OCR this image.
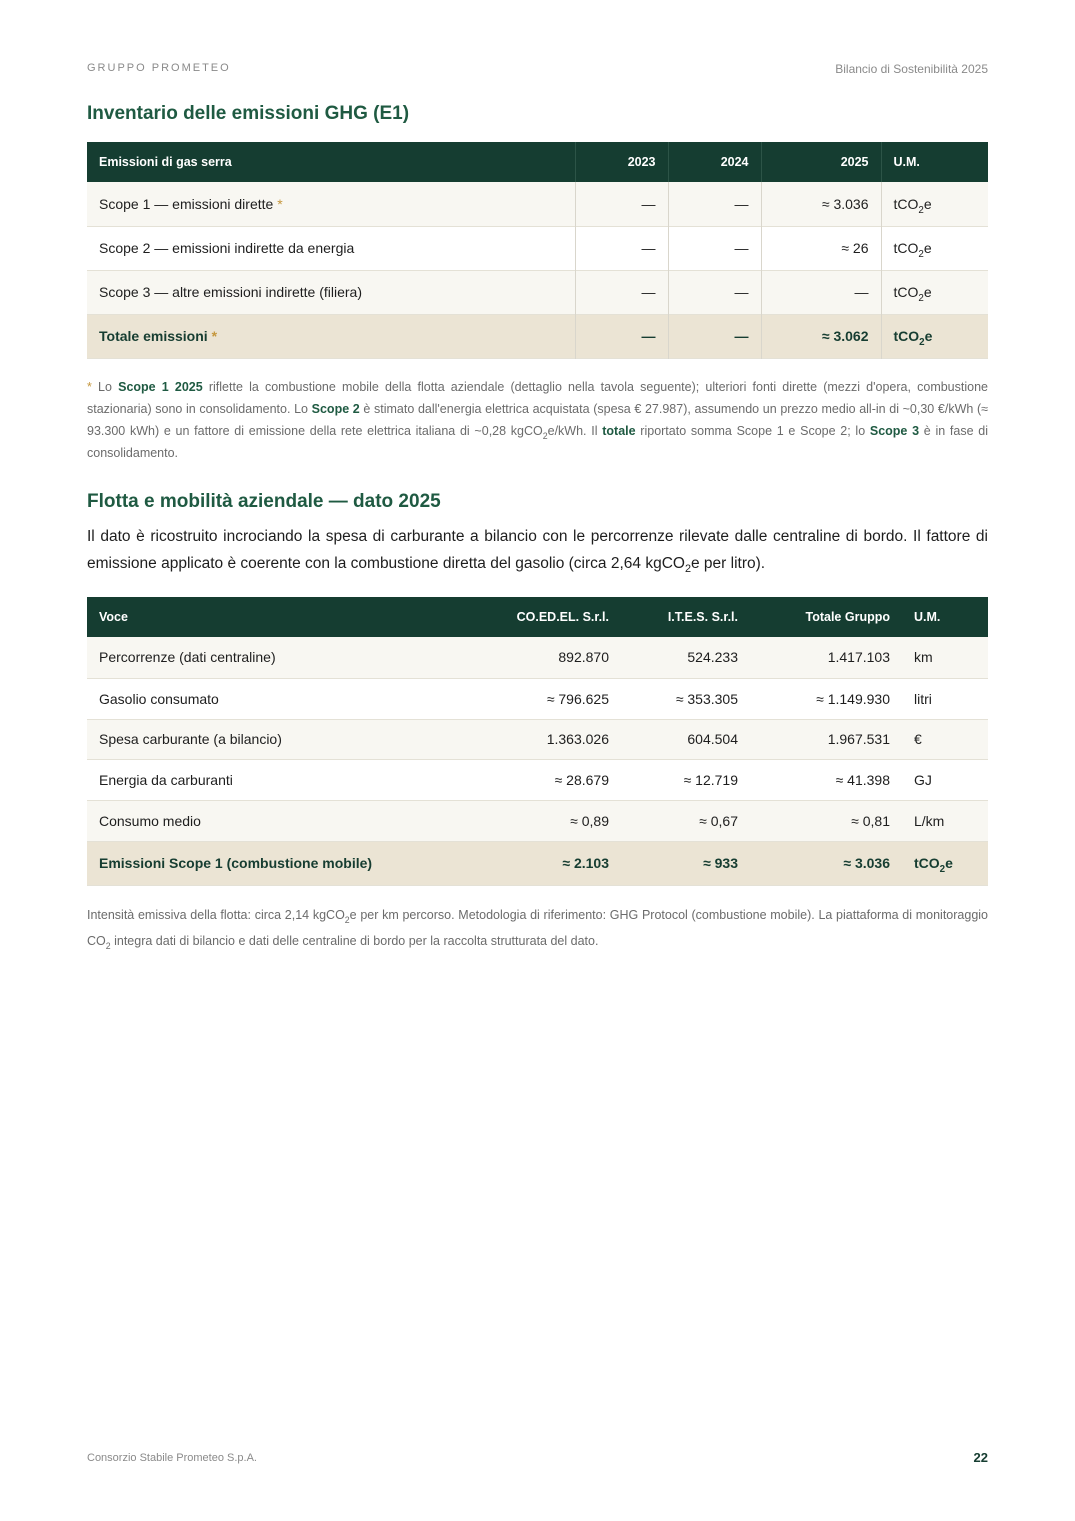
GRUPPO PROMETEO	Bilancio di Sostenibilità 2025
Inventario delle emissioni GHG (E1)
Emissioni di gas serra	2023	2024	2025	U.M.
Scope 1 — emissioni dirette *	—	—	≈ 3.036	tCO$_2$e
Scope 2 — emissioni indirette da energia	—	—	≈ 26	tCO$_2$e
Scope 3 — altre emissioni indirette (filiera)	—	—	—	tCO$_2$e
Totale emissioni *	—	—	≈ 3.062	tCO$_2$e
* Lo Scope 1 2025 riflette la combustione mobile della flotta aziendale (dettaglio nella tavola seguente); ulteriori fonti dirette (mezzi d'opera, combustione stazionaria) sono in consolidamento. Lo Scope 2 è stimato dall'energia elettrica acquistata (spesa € 27.987), assumendo un prezzo medio all-in di ~0,30 €/kWh (≈ 93.300 kWh) e un fattore di emissione della rete elettrica italiana di ~0,28 kgCO$_2$e/kWh. Il totale riportato somma Scope 1 e Scope 2; lo Scope 3 è in fase di consolidamento.
Flotta e mobilità aziendale — dato 2025
Il dato è ricostruito incrociando la spesa di carburante a bilancio con le percorrenze rilevate dalle centraline di bordo. Il fattore di emissione applicato è coerente con la combustione diretta del gasolio (circa 2,64 kgCO$_2$e per litro).
Voce	CO.ED.EL. S.r.l.	I.T.E.S. S.r.l.	Totale Gruppo	U.M.
Percorrenze (dati centraline)	892.870	524.233	1.417.103	km
Gasolio consumato	≈ 796.625	≈ 353.305	≈ 1.149.930	litri
Spesa carburante (a bilancio)	1.363.026	604.504	1.967.531	€
Energia da carburanti	≈ 28.679	≈ 12.719	≈ 41.398	GJ
Consumo medio	≈ 0,89	≈ 0,67	≈ 0,81	L/km
Emissioni Scope 1 (combustione mobile)	≈ 2.103	≈ 933	≈ 3.036	tCO$_2$e
Intensità emissiva della flotta: circa 2,14 kgCO$_2$e per km percorso. Metodologia di riferimento: GHG Protocol (combustione mobile). La piattaforma di monitoraggio $CO_2$ integra dati di bilancio e dati delle centraline di bordo per la raccolta strutturata del dato.
Consorzio Stabile Prometeo S.p.A.	22
